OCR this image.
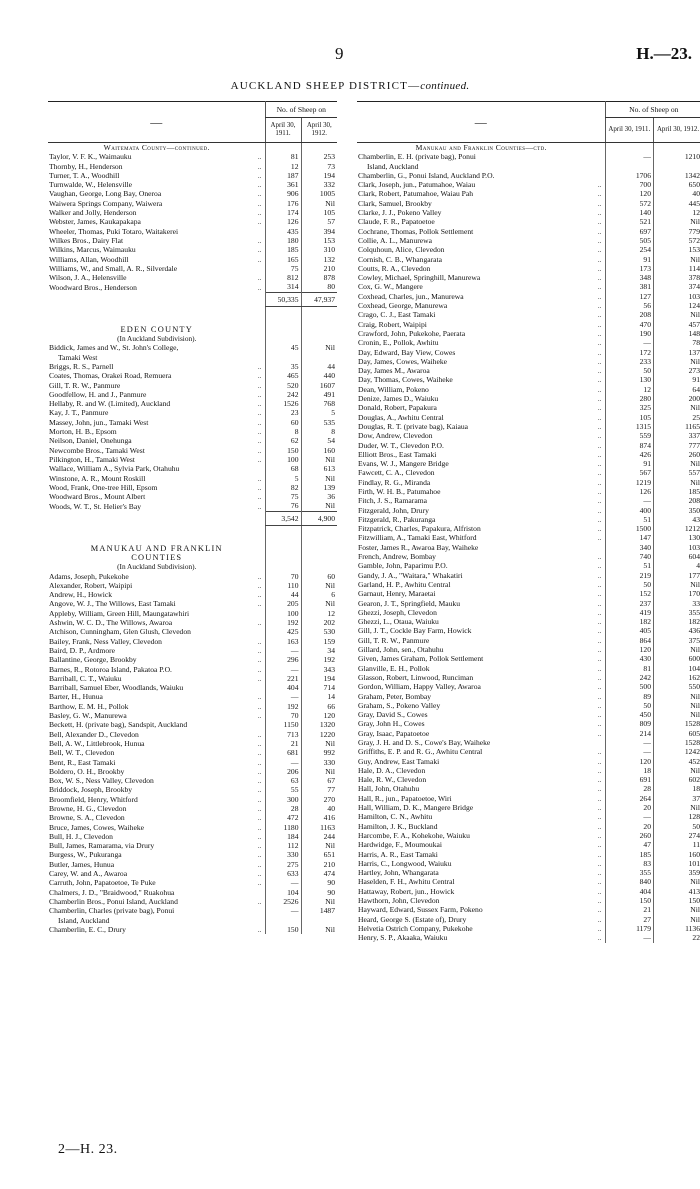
9	H.—23.
AUCKLAND SHEEP DISTRICT—continued.
—	No. of Sheep on	
	April 30, 1911.	April 30, 1912.
Waitemata County—continued.		
Taylor, V. F. K., Waimauku ..	81	253
Thornby, H., Henderson ..	12	73
Turner, T. A., Woodhill ..	187	194
Turnwalde, W., Helensville ..	361	332
Vaughan, George, Long Bay, Oneroa ..	906	1005
Waiwera Springs Company, Waiwera ..	176	Nil
Walker and Jolly, Henderson ..	174	105
Webster, James, Kaukapakapa ..	126	57
Wheeler, Thomas, Puki Totaro, Waitakerei	435	394
Wilkes Bros., Dairy Flat ..	180	153
Wilkins, Marcus, Waimauku ..	185	310
Williams, Allan, Woodhill ..	165	132
Williams, W., and Small, A. R., Silverdale	75	210
Wilson, J. A., Helensville ..	812	878
Woodward Bros., Henderson ..	314	80
	50,335	47,937

EDEN COUNTY		
(In Auckland Subdivision).		
Biddick, James and W., St. John's College,	45	Nil
Tamaki West		
Briggs, R. S., Parnell ..	35	44
Coates, Thomas, Orakei Road, Remuera ..	465	440
Gill, T. R. W., Panmure ..	520	1607
Goodfellow, H. and J., Panmure ..	242	491
Hellaby, R. and W. (Limited), Auckland ..	1526	768
Kay, J. T., Panmure ..	23	5
Massey, John, jun., Tamaki West ..	60	535
Morton, H. B., Epsom ..	8	8
Neilson, Daniel, Onehunga ..	62	54
Newcombe Bros., Tamaki West ..	150	160
Pilkington, H., Tamaki West ..	100	Nil
Wallace, William A., Sylvia Park, Otahuhu	68	613
Winstone, A. R., Mount Roskill ..	5	Nil
Wood, Frank, One-tree Hill, Epsom ..	82	139
Woodward Bros., Mount Albert ..	75	36
Woods, W. T., St. Helier's Bay ..	76	Nil
	3,542	4,900

MANUKAU AND FRANKLIN		
COUNTIES		
(In Auckland Subdivision).		
Adams, Joseph, Pukekohe ..	70	60
Alexander, Robert, Waipipi ..	110	Nil
Andrew, H., Howick ..	44	6
Angove, W. J., The Willows, East Tamaki ..	205	Nil
Appleby, William, Green Hill, Maungatawhiri	100	12
Ashwin, W. C. D., The Willows, Awaroa ..	192	202
Atchison, Cunningham, Glen Glush, Clevedon	425	530
Bailey, Frank, Ness Valley, Clevedon ..	163	159
Baird, D. P., Ardmore ..	—	34
Ballantine, George, Brookby ..	296	192
Barnes, R., Rotoroa Island, Pakatoa P.O. ..	—	343
Barriball, C. T., Waiuku ..	221	194
Barriball, Samuel Eber, Woodlands, Waiuku	404	714
Barter, H., Hunua ..	—	14
Barthow, E. M. H., Pollok ..	192	66
Basley, G. W., Manurewa ..	70	120
Beckett, H. (private bag), Sandspit, Auckland	1150	1320
Bell, Alexander D., Clevedon ..	713	1220
Bell, A. W., Littlebrook, Hunua ..	21	Nil
Bell, W. T., Clevedon ..	681	992
Bent, R., East Tamaki ..	—	330
Boldero, O. H., Brookby ..	206	Nil
Box, W. S., Ness Valley, Clevedon ..	63	67
Briddock, Joseph, Brookby ..	55	77
Broomfield, Henry, Whitford ..	300	270
Browne, H. G., Clevedon ..	28	40
Browne, S. A., Clevedon ..	472	416
Bruce, James, Cowes, Waiheke ..	1180	1163
Bull, H. J., Clevedon ..	184	244
Bull, James, Ramarama, via Drury ..	112	Nil
Burgess, W., Pukuranga ..	330	651
Butler, James, Hunua ..	275	210
Carey, W. and A., Awaroa ..	633	474
Carruth, John, Papatoetoe, Te Puke ..	—	90
Chalmers, J. D., "Braidwood," Ruakohua	104	90
Chamberlin Bros., Ponui Island, Auckland ..	2526	Nil
Chamberlin, Charles (private bag), Ponui	—	1487
Island, Auckland		
Chamberlin, E. C., Drury ..	150	Nil
—	No. of Sheep on	
	April 30, 1911.	April 30, 1912.
Manukau and Franklin Counties—ctd.		
Chamberlin, E. H. (private bag), Ponui	—	1210
Island, Auckland		
Chamberlin, G., Ponui Island, Auckland P.O.	1706	1342
Clark, Joseph, jun., Patumahoe, Waiau ..	700	650
Clark, Robert, Patumahoe, Waiau Pah ..	120	40
Clark, Samuel, Brookby ..	572	445
Clarke, J. J., Pokeno Valley ..	140	12
Claude, F. R., Papatoetoe ..	521	Nil
Cochrane, Thomas, Pollok Settlement ..	697	779
Collie, A. L., Manurewa ..	505	572
Colquhoun, Alice, Clevedon ..	254	153
Cornish, C. B., Whangarata ..	91	Nil
Coutts, R. A., Clevedon ..	173	114
Cowley, Michael, Springhill, Manurewa ..	348	378
Cox, G. W., Mangere ..	381	374
Coxhead, Charles, jun., Manurewa ..	127	103
Coxhead, George, Manurewa ..	56	124
Crago, C. J., East Tamaki ..	208	Nil
Craig, Robert, Waipipi ..	470	457
Crawford, John, Pukekohe, Paerata ..	190	148
Cronin, E., Pollok, Awhitu ..	—	78
Day, Edward, Bay View, Cowes ..	172	137
Day, James, Cowes, Waiheke ..	233	Nil
Day, James M., Awaroa ..	50	273
Day, Thomas, Cowes, Waiheke ..	130	91
Dean, William, Pokeno ..	12	64
Denize, James D., Waiuku ..	280	200
Donald, Robert, Papakura ..	325	Nil
Douglas, A., Awhitu Central ..	105	25
Douglas, R. T. (private bag), Kaiaua ..	1315	1165
Dow, Andrew, Clevedon ..	559	337
Duder, W. T., Clevedon P.O. ..	874	777
Elliott Bros., East Tamaki ..	426	260
Evans, W. J., Mangere Bridge ..	91	Nil
Fawcett, C. A., Clevedon ..	567	557
Findlay, R. G., Miranda ..	1219	Nil
Firth, W. H. B., Patumahoe ..	126	185
Fitch, J. S., Ramarama ..	—	208
Fitzgerald, John, Drury ..	400	350
Fitzgerald, R., Pakuranga ..	51	43
Fitzpatrick, Charles, Papakura, Alfriston ..	1500	1212
Fitzwilliam, A., Tamaki East, Whitford ..	147	130
Foster, James R., Awaroa Bay, Waiheke	340	103
French, Andrew, Bombay ..	740	604
Gamble, John, Paparimu P.O. ..	51	4
Gandy, J. A., "Waitara," Whakatiri ..	219	177
Garland, H. P., Awhitu Central ..	50	Nil
Garnaut, Henry, Maraetai ..	152	170
Gearon, J. T., Springfield, Mauku ..	237	33
Ghezzi, Joseph, Clevedon ..	419	355
Ghezzi, L., Otaua, Waiuku ..	182	182
Gill, J. T., Cockle Bay Farm, Howick ..	405	436
Gill, T. R. W., Panmure ..	864	375
Gillard, John, sen., Otahuhu ..	120	Nil
Given, James Graham, Pollok Settlement ..	430	600
Glanville, E. H., Pollok ..	81	104
Glasson, Robert, Linwood, Runciman ..	242	162
Gordon, William, Happy Valley, Awaroa ..	500	550
Graham, Peter, Bombay ..	89	Nil
Graham, S., Pokeno Valley ..	50	Nil
Gray, David S., Cowes ..	450	Nil
Gray, John H., Cowes ..	809	1528
Gray, Isaac, Papatoetoe ..	214	605
Gray, J. H. and D. S., Cowe's Bay, Waiheke	—	1528
Griffiths, E. P. and R. G., Awhitu Central ..	—	1242
Guy, Andrew, East Tamaki ..	120	452
Hale, D. A., Clevedon ..	18	Nil
Hale, R. W., Clevedon ..	691	602
Hall, John, Otahuhu ..	28	18
Hall, R., jun., Papatoetoe, Wiri ..	264	37
Hall, William, D. K., Mangere Bridge ..	20	Nil
Hamilton, C. N., Awhitu ..	—	128
Hamilton, J. K., Buckland ..	20	50
Harcombe, F. A., Kohekohe, Waiuku ..	260	274
Hardwidge, F., Moumoukai ..	47	11
Harris, A. R., East Tamaki ..	185	160
Harris, C., Longwood, Waiuku ..	83	101
Hartley, John, Whangarata ..	355	359
Haselden, F. H., Awhitu Central ..	840	Nil
Hattaway, Robert, jun., Howick ..	404	413
Hawthorn, John, Clevedon ..	150	150
Hayward, Edward, Sussex Farm, Pokeno ..	21	Nil
Heard, George S. (Estate of), Drury ..	27	Nil
Helvetia Ostrich Company, Pukekohe ..	1179	1136
Henry, S. P., Akaaka, Waiuku ..	—	22
2—H. 23.
